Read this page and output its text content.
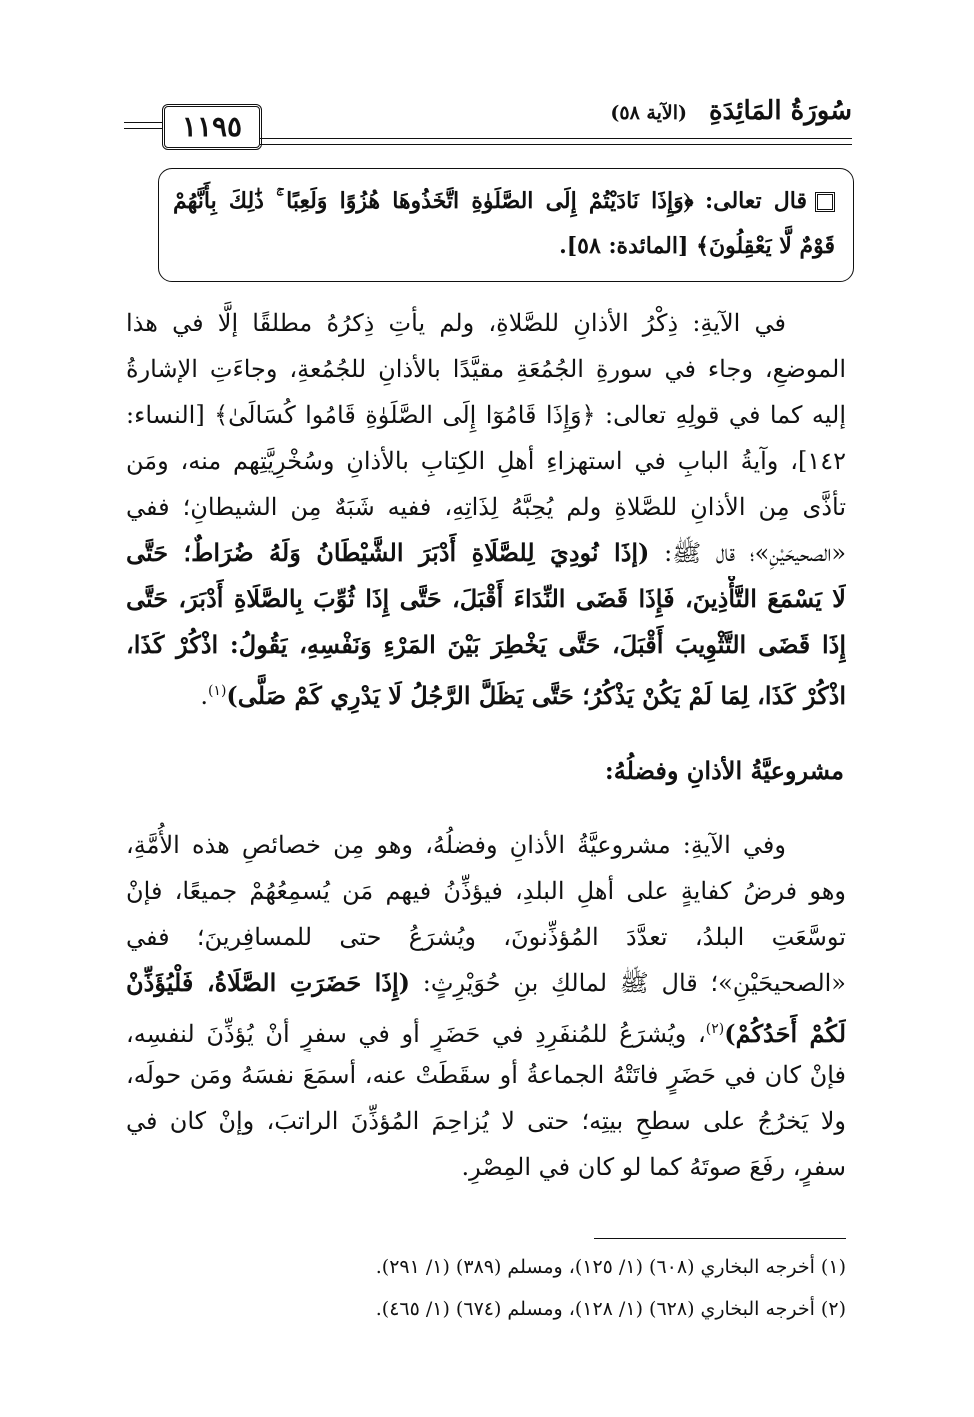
سُورَةُ المَائِدَةِ
(الآية ٥٨)
١١٩٥
قال تعالى: ﴿وَإِذَا نَادَيْتُمْ إِلَى الصَّلَوٰةِ اتَّخَذُوهَا هُزُوًا وَلَعِبًا ۚ ذَٰلِكَ بِأَنَّهُمْ
قَوْمٌ لَّا يَعْقِلُونَ﴾ [المائدة: ٥٨].
في الآيةِ: ذِكْرُ الأذانِ للصَّلاةِ، ولم يأتِ ذِكرُهُ مطلقًا إلَّا في هذا
الموضعِ، وجاء في سورةِ الجُمُعَةِ مقيَّدًا بالأذانِ للجُمُعةِ، وجاءَتِ الإشارةُ
إليه كما في قولِهِ تعالى: ﴿وَإِذَا قَامُوٓا إِلَى الصَّلَوٰةِ قَامُوا كُسَالَىٰ﴾ [النساء:
١٤٢]، وآيةُ البابِ في استهزاءِ أهلِ الكِتابِ بالأذانِ وسُخْرِيَّتِهم منه، ومَن
تأذَّى مِن الأذانِ للصَّلاةِ ولم يُحِبَّهُ لِذَاتِهِ، ففيه شَبَهٌ مِن الشيطانِ؛ ففي
«الصحيحَيْنِ»؛ قال ﷺ: (إذَا نُودِيَ لِلصَّلَاةِ أَدْبَرَ الشَّيْطَانُ وَلَهُ ضُرَاطٌ؛ حَتَّى
لَا يَسْمَعَ التَّأْذِينَ، فَإِذَا قَضَى النِّدَاءَ أَقْبَلَ، حَتَّى إِذَا ثُوِّبَ بِالصَّلَاةِ أَدْبَرَ، حَتَّى
إِذَا قَضَى التَّثْوِيبَ أَقْبَلَ، حَتَّى يَخْطِرَ بَيْنَ المَرْءِ وَنَفْسِهِ، يَقُولُ: اذْكُرْ كَذَا،
اذْكُرْ كَذَا، لِمَا لَمْ يَكُنْ يَذْكُرُ؛ حَتَّى يَظَلَّ الرَّجُلُ لَا يَدْرِي كَمْ صَلَّى)$^{(١)}$.
مشروعيَّةُ الأذانِ وفضلُهُ:
وفي الآيةِ: مشروعيَّةُ الأذانِ وفضلُهُ، وهو مِن خصائصِ هذه الأُمَّةِ،
وهو فرضُ كفايةٍ على أهلِ البلدِ، فيؤذِّنُ فيهم مَن يُسمِعُهُمْ جميعًا، فإنْ
توسَّعَتِ البلدُ، تعدَّدَ المُؤذِّنونَ، ويُشرَعُ حتى للمسافِرينَ؛ ففي
«الصحيحَيْنِ»؛ قال ﷺ لمالكِ بنِ حُوَيْرِثٍ: (إِذَا حَضَرَتِ الصَّلَاةُ، فَلْيُؤَذِّنْ
لَكُمْ أَحَدُكُمْ)$^{(٢)}$، ويُشرَعُ للمُنفَرِدِ في حَضَرٍ أو في سفرٍ أنْ يُؤذِّنَ لنفسِه،
فإنْ كان في حَضَرٍ فاتَتْهُ الجماعةُ أو سقَطَتْ عنه، أسمَعَ نفسَهُ ومَن حولَه،
ولا يَخرُجُ على سطحِ بيتِه؛ حتى لا يُزاحِمَ المُؤذِّنَ الراتبَ، وإنْ كان في
سفرٍ، رفَعَ صوتَهُ كما لو كان في المِصْرِ.
(١) أخرجه البخاري (٦٠٨) (١/ ١٢٥)، ومسلم (٣٨٩) (١/ ٢٩١).
(٢) أخرجه البخاري (٦٢٨) (١/ ١٢٨)، ومسلم (٦٧٤) (١/ ٤٦٥).
